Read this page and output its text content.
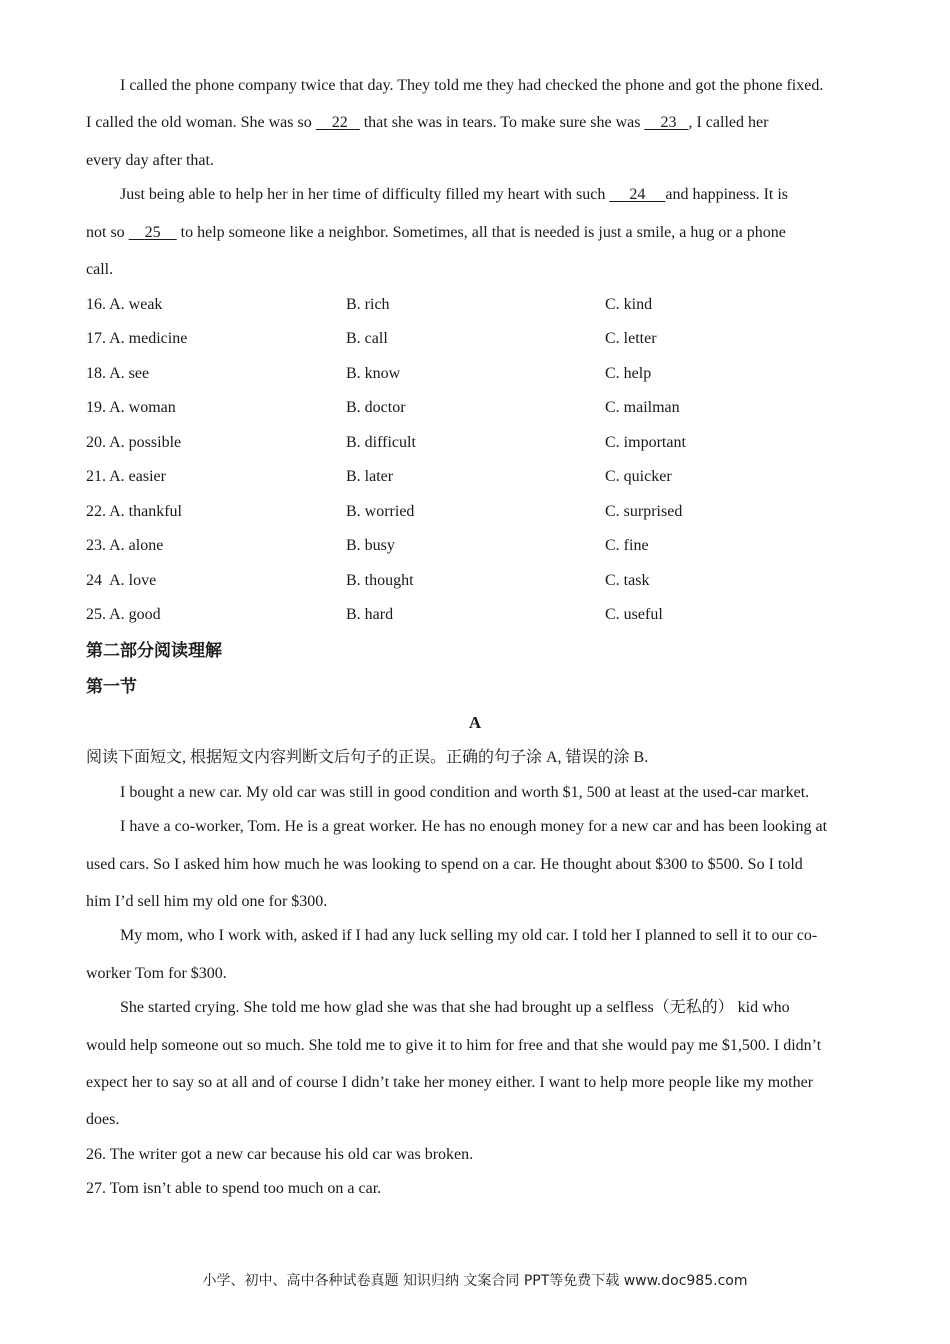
I called the phone company twice that day. They told me they had checked the phone and got the phone fixed.
I called the old woman. She was so     22    that she was in tears. To make sure she was     23 , I called her
every day after that.
Just being able to help her in her time of difficulty filled my heart with such      24 and happiness. It is
not so     25     to help someone like a neighbor. Sometimes, all that is needed is just a smile, a hug or a phone
call.
16. A. weak	B. rich	C. kind
17. A. medicine	B. call	C. letter
18. A. see	B. know	C. help
19. A. woman	B. doctor	C. mailman
20. A. possible	B. difficult	C. important
21. A. easier	B. later	C. quicker
22. A. thankful	B. worried	C. surprised
23. A. alone	B. busy	C. fine
24  A. love	B. thought	C. task
25. A. good	B. hard	C. useful
第二部分阅读理解
第一节
A
阅读下面短文, 根据短文内容判断文后句子的正误。正确的句子涂 A, 错误的涂 B.
I bought a new car. My old car was still in good condition and worth $1, 500 at least at the used-car market.
I have a co-worker, Tom. He is a great worker. He has no enough money for a new car and has been looking at
used cars. So I asked him how much he was looking to spend on a car. He thought about $300 to $500. So I told
him I’d sell him my old one for $300.
My mom, who I work with, asked if I had any luck selling my old car. I told her I planned to sell it to our co-
worker Tom for $300.
She started crying. She told me how glad she was that she had brought up a selfless（无私的） kid who
would help someone out so much. She told me to give it to him for free and that she would pay me $1,500. I didn’t
expect her to say so at all and of course I didn’t take her money either. I want to help more people like my mother
does.
26. The writer got a new car because his old car was broken.
27. Tom isn’t able to spend too much on a car.
小学、初中、高中各种试卷真题 知识归纳 文案合同 PPT等免费下载 www.doc985.com
